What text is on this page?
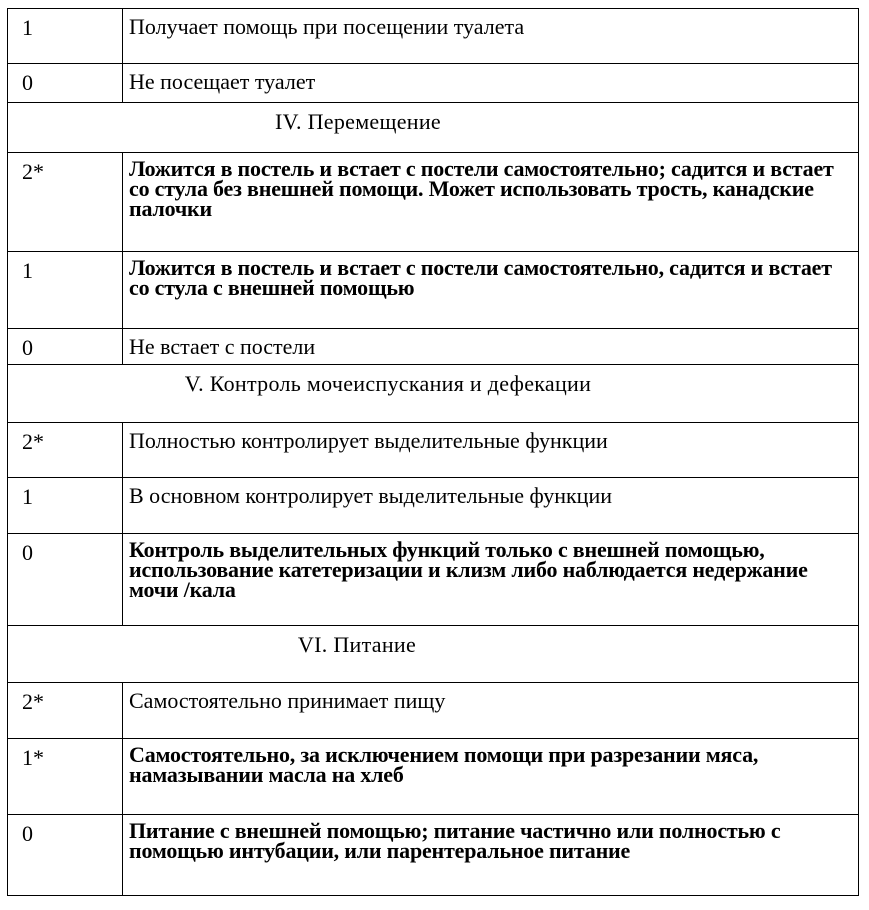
1	Получает помощь при посещении туалета
0	Не посещает туалет
IV. Перемещение	
2*	Ложится в постель и встает с постели самостоятельно; садится и встает со стула без внешней помощи. Может использовать трость, канадские палочки
1	Ложится в постель и встает с постели самостоятельно, садится и встает со стула с внешней помощью
0	Не встает с постели
V. Контроль мочеиспускания и дефекации	
2*	Полностью контролирует выделительные функции
1	В основном контролирует выделительные функции
0	Контроль выделительных функций только с внешней помощью, использование катетеризации и клизм либо наблюдается недержание мочи /кала
VI. Питание	
2*	Самостоятельно принимает пищу
1*	Самостоятельно, за исключением помощи при разрезании мяса, намазывании масла на хлеб
0	Питание с внешней помощью; питание частично или полностью с помощью интубации, или парентеральное питание
